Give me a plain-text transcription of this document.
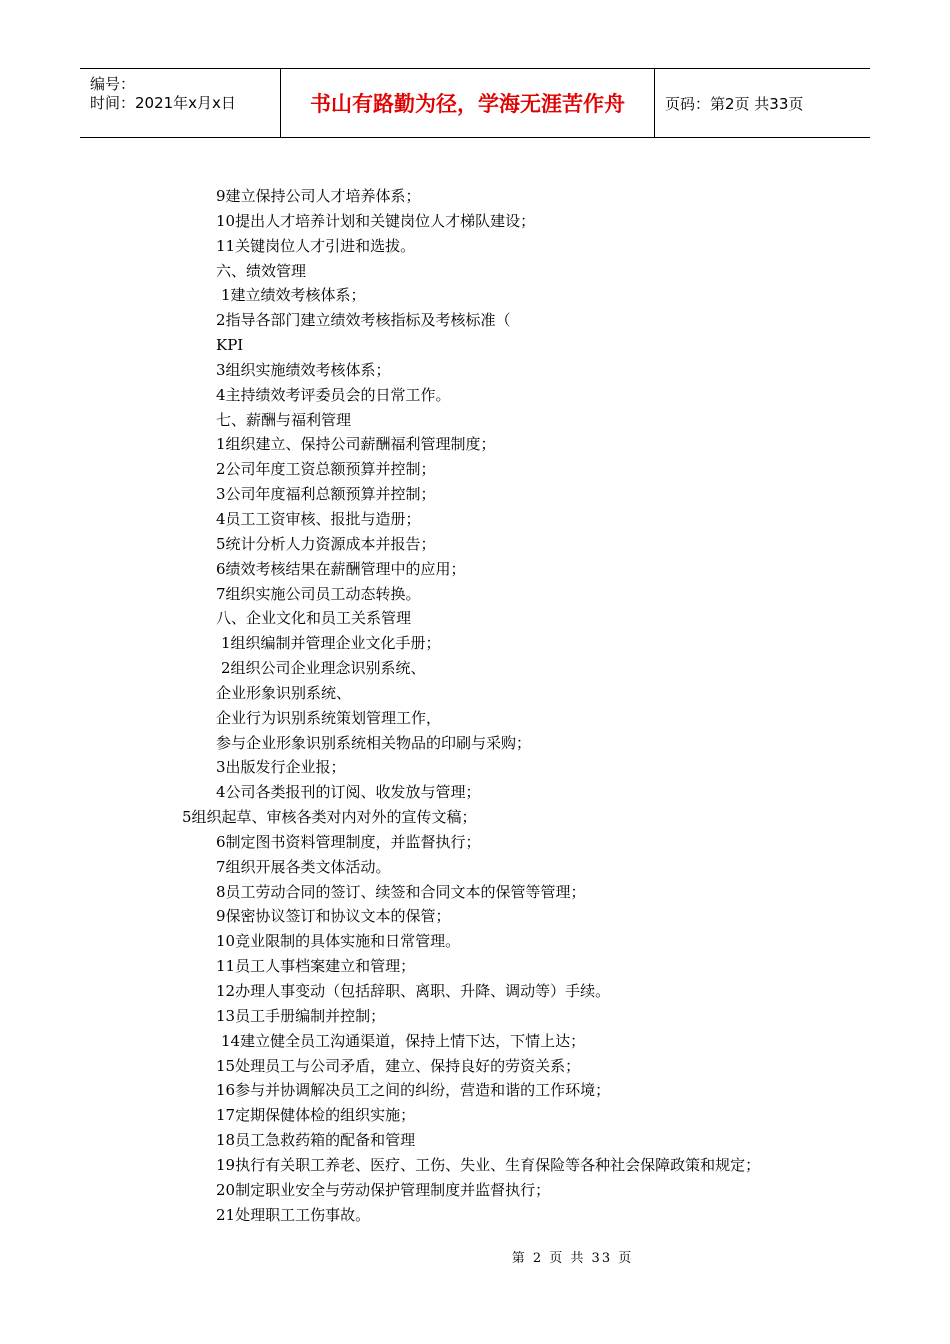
编号：
时间：2021年x月x日	书山有路勤为径，学海无涯苦作舟	页码：第2页 共33页
9建立保持公司人才培养体系；
10提出人才培养计划和关键岗位人才梯队建设；
11关键岗位人才引进和选拔。
六、绩效管理
1建立绩效考核体系；
2指导各部门建立绩效考核指标及考核标准（
KPI
3组织实施绩效考核体系；
4主持绩效考评委员会的日常工作。
七、薪酬与福利管理
1组织建立、保持公司薪酬福利管理制度；
2公司年度工资总额预算并控制；
3公司年度福利总额预算并控制；
4员工工资审核、报批与造册；
5统计分析人力资源成本并报告；
6绩效考核结果在薪酬管理中的应用；
7组织实施公司员工动态转换。
八、企业文化和员工关系管理
1组织编制并管理企业文化手册；
2组织公司企业理念识别系统、
企业形象识别系统、
企业行为识别系统策划管理工作，
参与企业形象识别系统相关物品的印刷与采购；
3出版发行企业报；
4公司各类报刊的订阅、收发放与管理；
5组织起草、审核各类对内对外的宣传文稿；
6制定图书资料管理制度，并监督执行；
7组织开展各类文体活动。
8员工劳动合同的签订、续签和合同文本的保管等管理；
9保密协议签订和协议文本的保管；
10竞业限制的具体实施和日常管理。
11员工人事档案建立和管理；
12办理人事变动（包括辞职、离职、升降、调动等）手续。
13员工手册编制并控制；
14建立健全员工沟通渠道，保持上情下达，下情上达；
15处理员工与公司矛盾，建立、保持良好的劳资关系；
16参与并协调解决员工之间的纠纷，营造和谐的工作环境；
17定期保健体检的组织实施；
18员工急救药箱的配备和管理
19执行有关职工养老、医疗、工伤、失业、生育保险等各种社会保障政策和规定；
20制定职业安全与劳动保护管理制度并监督执行；
21处理职工工伤事故。
第 2 页 共 33 页
